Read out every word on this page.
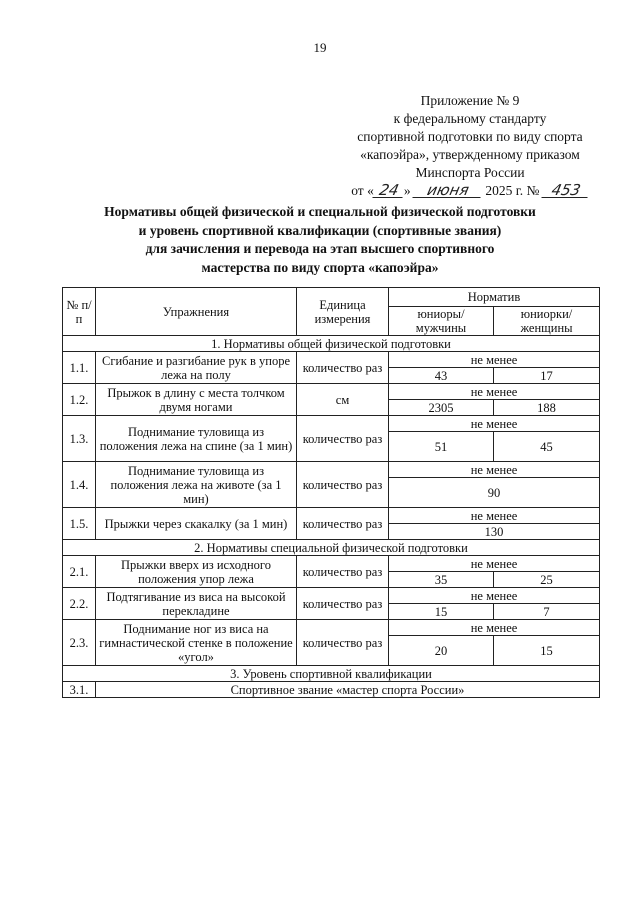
19
Приложение № 9
к федеральному стандарту
спортивной подготовки по виду спорта
«капоэйра», утвержденному приказом
Минспорта России
от « 24 » июня 2025 г. № 453
Нормативы общей физической и специальной физической подготовки
и уровень спортивной квалификации (спортивные звания)
для зачисления и перевода на этап высшего спортивного
мастерства по виду спорта «капоэйра»
№ п/п	Упражнения	Единица измерения	Норматив	
			юниоры/ мужчины	юниорки/ женщины
1. Нормативы общей физической подготовки				
1.1.	Сгибание и разгибание рук в упоре лежа на полу	количество раз	не менее	
			43	17
1.2.	Прыжок в длину с места толчком двумя ногами	см	не менее	
			2305	188
1.3.	Поднимание туловища из положения лежа на спине (за 1 мин)	количество раз	не менее	
			51	45
1.4.	Поднимание туловища из положения лежа на животе (за 1 мин)	количество раз	не менее	
			90	
1.5.	Прыжки через скакалку (за 1 мин)	количество раз	не менее	
			130	
2. Нормативы специальной физической подготовки				
2.1.	Прыжки вверх из исходного положения упор лежа	количество раз	не менее	
			35	25
2.2.	Подтягивание из виса на высокой перекладине	количество раз	не менее	
			15	7
2.3.	Поднимание ног из виса на гимнастической стенке в положение «угол»	количество раз	не менее	
			20	15
3. Уровень спортивной квалификации				
3.1.	Спортивное звание «мастер спорта России»			
